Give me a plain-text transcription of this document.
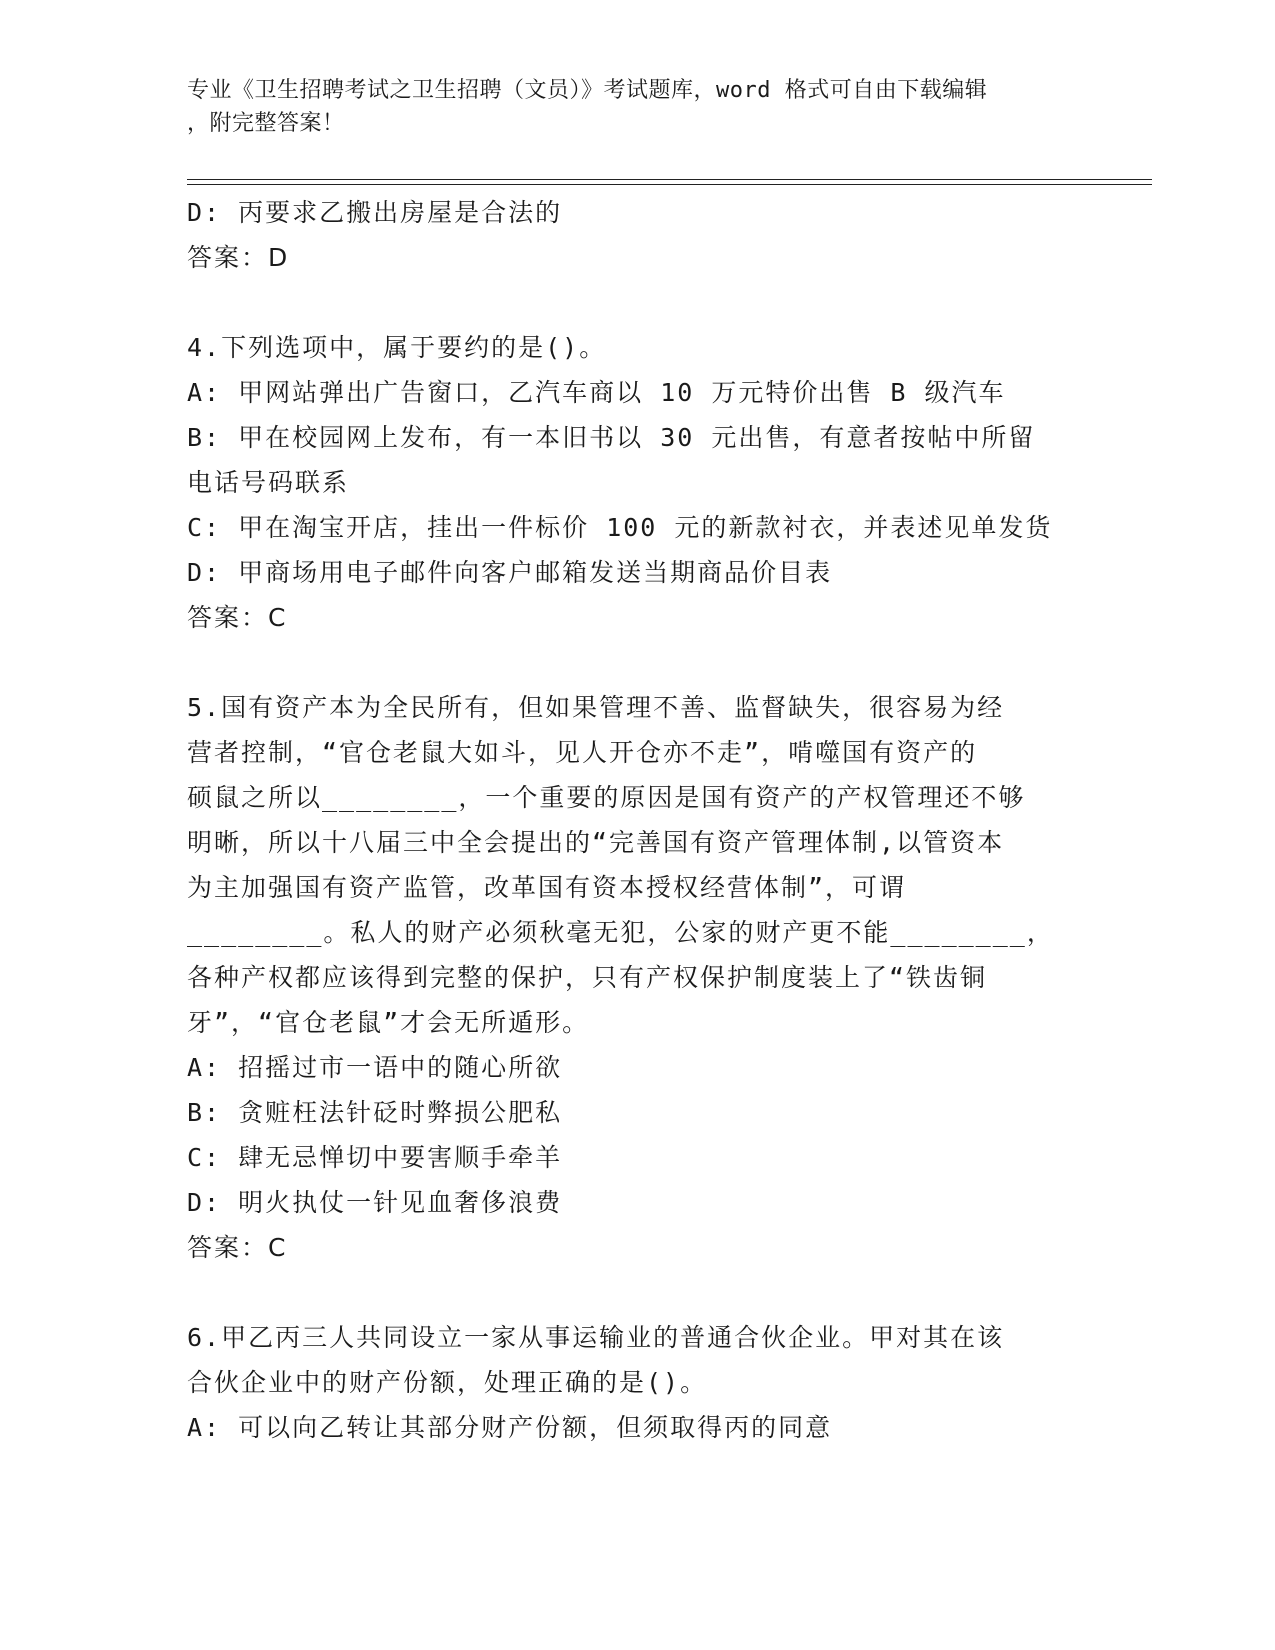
专业《卫生招聘考试之卫生招聘（文员）》考试题库，word 格式可自由下载编辑
，附完整答案！
D: 丙要求乙搬出房屋是合法的
答案：D
4.下列选项中，属于要约的是()。
A: 甲网站弹出广告窗口，乙汽车商以 10 万元特价出售 B 级汽车
B: 甲在校园网上发布，有一本旧书以 30 元出售，有意者按帖中所留
电话号码联系
C: 甲在淘宝开店，挂出一件标价 100 元的新款衬衣，并表述见单发货
D: 甲商场用电子邮件向客户邮箱发送当期商品价目表
答案：C
5.国有资产本为全民所有，但如果管理不善、监督缺失，很容易为经
营者控制，“官仓老鼠大如斗，见人开仓亦不走”，啃噬国有资产的
硕鼠之所以________，一个重要的原因是国有资产的产权管理还不够
明晰，所以十八届三中全会提出的“完善国有资产管理体制,以管资本
为主加强国有资产监管，改革国有资本授权经营体制”，可谓
________。私人的财产必须秋毫无犯，公家的财产更不能________，
各种产权都应该得到完整的保护，只有产权保护制度装上了“铁齿铜
牙”，“官仓老鼠”才会无所遁形。
A: 招摇过市一语中的随心所欲
B: 贪赃枉法针砭时弊损公肥私
C: 肆无忌惮切中要害顺手牵羊
D: 明火执仗一针见血奢侈浪费
答案：C
6.甲乙丙三人共同设立一家从事运输业的普通合伙企业。甲对其在该
合伙企业中的财产份额，处理正确的是()。
A: 可以向乙转让其部分财产份额，但须取得丙的同意
